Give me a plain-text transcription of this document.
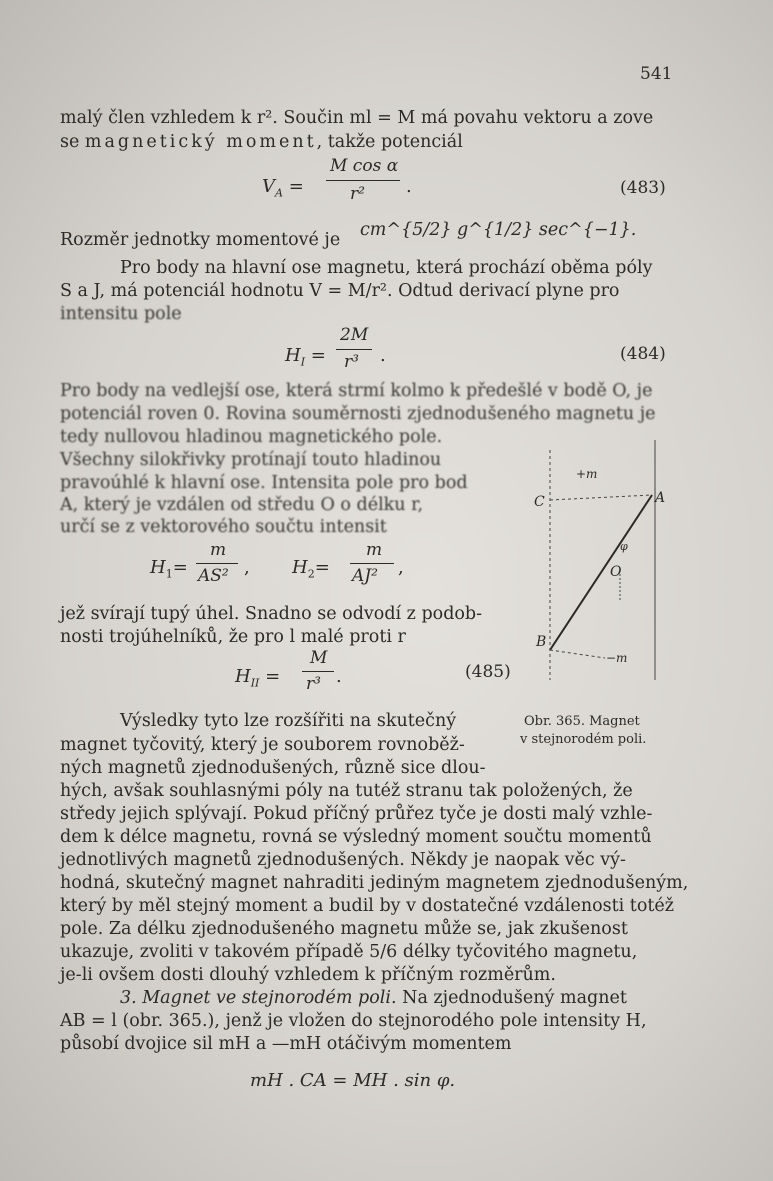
541
malý člen vzhledem k r². Součin ml = M má povahu vektoru a zove
se magnetický moment, takže potenciál
$V_A$ =
M cos α
r² .	(483)
Rozměr jednotky momentové je cm^{5/2} g^{1/2} sec^{−1}.
Pro body na hlavní ose magnetu, která prochází oběma póly
S a J, má potenciál hodnotu V = M/r². Odtud derivací plyne pro
intensitu pole
$H_I$ =
2M
r³ .	(484)
Pro body na vedlejší ose, která strmí kolmo k předešlé v bodě O, je
potenciál roven 0. Rovina souměrnosti zjednodušeného magnetu je
tedy nullovou hladinou magnetického pole.
Všechny silokřivky protínají touto hladinou
pravoúhlé k hlavní ose. Intensita pole pro bod
A, který je vzdálen od středu O o délku r,
určí se z vektorového součtu intensit
$H_1=$
m
AS² , $H_2=$
m
AJ² ,
jež svírají tupý úhel. Snadno se odvodí z podob-
nosti trojúhelníků, že pro l malé proti r
$H_{II}$ =
M
r³ .	(485)
+m
A
C
φ
O
B
−m
Obr. 365. Magnet
v stejnorodém poli.
Výsledky tyto lze rozšířiti na skutečný
magnet tyčovitý, který je souborem rovnoběž-
ných magnetů zjednodušených, různě sice dlou-
hých, avšak souhlasnými póly na tutéž stranu tak položených, že
středy jejich splývají. Pokud příčný průřez tyče je dosti malý vzhle-
dem k délce magnetu, rovná se výsledný moment součtu momentů
jednotlivých magnetů zjednodušených. Někdy je naopak věc vý-
hodná, skutečný magnet nahraditi jediným magnetem zjednodušeným,
který by měl stejný moment a budil by v dostatečné vzdálenosti totéž
pole. Za délku zjednodušeného magnetu může se, jak zkušenost
ukazuje, zvoliti v takovém případě 5/6 délky tyčovitého magnetu,
je-li ovšem dosti dlouhý vzhledem k příčným rozměrům.
3. Magnet ve stejnorodém poli. Na zjednodušený magnet
AB = l (obr. 365.), jenž je vložen do stejnorodého pole intensity H,
působí dvojice sil mH a —mH otáčivým momentem
mH . CA = MH . sin φ.
